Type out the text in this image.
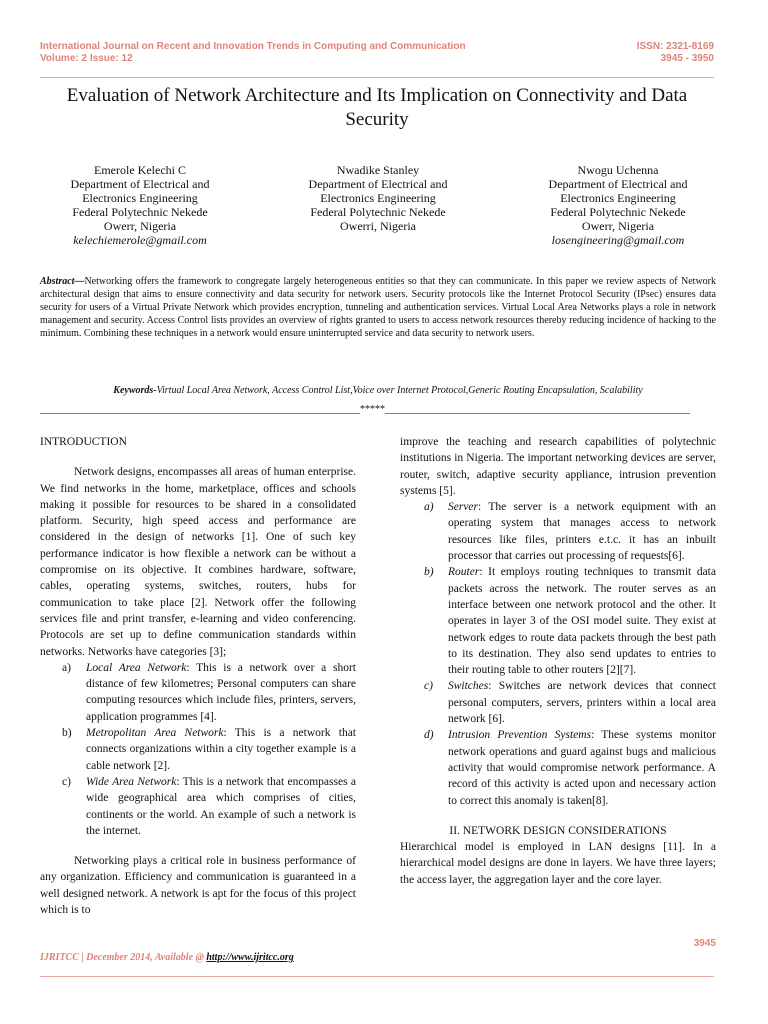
International Journal on Recent and Innovation Trends in Computing and Communication
Volume: 2 Issue: 12
ISSN: 2321-8169
3945 - 3950
Evaluation of Network Architecture and Its Implication on Connectivity and Data Security
Emerole Kelechi C
Department of Electrical and
Electronics Engineering
Federal Polytechnic Nekede
Owerr, Nigeria
kelechiemerole@gmail.com
Nwadike Stanley
Department of Electrical and
Electronics Engineering
Federal Polytechnic Nekede
Owerri, Nigeria
Nwogu Uchenna
Department of Electrical and
Electronics Engineering
Federal Polytechnic Nekede
Owerr, Nigeria
losengineering@gmail.com
Abstract—Networking offers the framework to congregate largely heterogeneous entities so that they can communicate. In this paper we review aspects of Network architectural design that aims to ensure connectivity and data security for network users. Security protocols like the Internet Protocol Security (IPsec) ensures data security for users of a Virtual Private Network which provides encryption, tunneling and authentication services. Virtual Local Area Networks plays a role in network management and security. Access Control lists provides an overview of rights granted to users to access network resources thereby reducing incidence of hacking to the minimum. Combining these techniques in a network would ensure uninterrupted service and data security to network users.
Keywords-Virtual Local Area Network, Access Control List,Voice over Internet Protocol,Generic Routing Encapsulation, Scalability
________________________________________________________________*****_____________________________________________________________

INTRODUCTION

Network designs, encompasses all areas of human enterprise. We find networks in the home, marketplace, offices and schools making it possible for resources to be shared in a consolidated platform. Security, high speed access and performance are considered in the design of networks [1]. One of such key performance indicator is how flexible a network can be without a compromise on its objective. It combines hardware, software, cables, operating systems, switches, routers, hubs for communication to take place [2]. Network offer the following services file and print transfer, e-learning and video conferencing. Protocols are set up to define communication standards within networks. Networks have categories [3];

a) Local Area Network: This is a network over a short distance of few kilometres; Personal computers can share computing resources which include files, printers, servers, application programmes [4].
b) Metropolitan Area Network: This is a network that connects organizations within a city together example is a cable network [2].
c) Wide Area Network: This is a network that encompasses a wide geographical area which comprises of cities, continents or the world. An example of such a network is the internet.

Networking plays a critical role in business performance of any organization. Efficiency and communication is guaranteed in a well designed network. A network is apt for the focus of this project which is to

improve the teaching and research capabilities of polytechnic institutions in Nigeria. The important networking devices are server, router, switch, adaptive security appliance, intrusion prevention systems [5].

a) Server: The server is a network equipment with an operating system that manages access to network resources like files, printers e.t.c. it has an inbuilt processor that carries out processing of requests[6].
b) Router: It employs routing techniques to transmit data packets across the network. The router serves as an interface between one network protocol and the other. It operates in layer 3 of the OSI model suite. They exist at network edges to route data packets through the best path to its destination. They also send updates to entries to their routing table to other routers [2][7].
c) Switches: Switches are network devices that connect personal computers, servers, printers within a local area network [6].
d) Intrusion Prevention Systems: These systems monitor network operations and guard against bugs and malicious activity that would compromise network performance. A record of this activity is acted upon and necessary action to correct this anomaly is taken[8].

II. NETWORK DESIGN CONSIDERATIONS

Hierarchical model is employed in LAN designs [11]. In a hierarchical model designs are done in layers. We have three layers; the access layer, the aggregation layer and the core layer.

3945
IJRITCC | December 2014, Available @ http://www.ijritcc.org
